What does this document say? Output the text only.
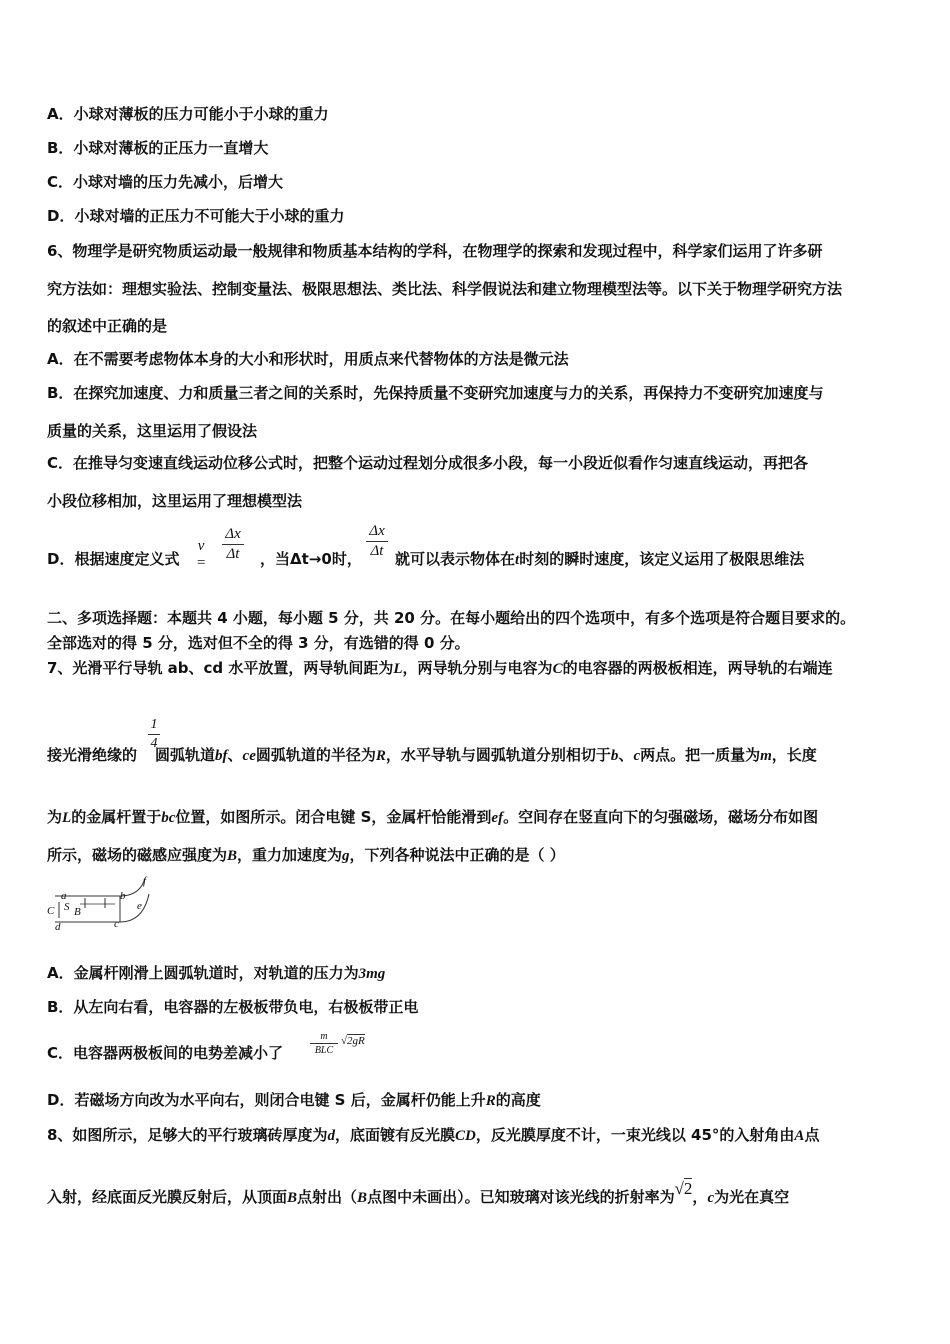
A．小球对薄板的压力可能小于小球的重力
B．小球对薄板的正压力一直增大
C．小球对墙的压力先减小，后增大
D．小球对墙的正压力不可能大于小球的重力
6、物理学是研究物质运动最一般规律和物质基本结构的学科，在物理学的探索和发现过程中，科学家们运用了许多研
究方法如：理想实验法、控制变量法、极限思想法、类比法、科学假说法和建立物理模型法等。以下关于物理学研究方法
的叙述中正确的是
A．在不需要考虑物体本身的大小和形状时，用质点来代替物体的方法是微元法
B．在探究加速度、力和质量三者之间的关系时，先保持质量不变研究加速度与力的关系，再保持力不变研究加速度与
质量的关系，这里运用了假设法
C．在推导匀变速直线运动位移公式时，把整个运动过程划分成很多小段，每一小段近似看作匀速直线运动，再把各
小段位移相加，这里运用了理想模型法
D．根据速度定义式
v =
Δx
Δt	，当Δt→0时，
Δx
Δt 就可以表示物体在t时刻的瞬时速度，该定义运用了极限思维法
二、多项选择题：本题共 4 小题，每小题 5 分，共 20 分。在每小题给出的四个选项中，有多个选项是符合题目要求的。
全部选对的得 5 分，选对但不全的得 3 分，有选错的得 0 分。
7、光滑平行导轨 ab、cd 水平放置，两导轨间距为L，两导轨分别与电容为C的电容器的两极板相连，两导轨的右端连
接光滑绝缘的 圆弧轨道bf、ce圆弧轨道的半径为R，水平导轨与圆弧轨道分别相切于b、c两点。把一质量为m，长度
1
4
为L的金属杆置于bc位置，如图所示。闭合电键 S，金属杆恰能滑到ef。空间存在竖直向下的匀强磁场，磁场分布如图
所示，磁场的磁感应强度为B，重力加速度为g，下列各种说法中正确的是（ ）
a	b
c
d
e
f
C S B
A．金属杆刚滑上圆弧轨道时，对轨道的压力为3mg
B．从左向右看，电容器的左极板带负电，右极板带正电
C．电容器两极板间的电势差减小了
m
BLC
√2gR
D．若磁场方向改为水平向右，则闭合电键 S 后，金属杆仍能上升R的高度
8、如图所示，足够大的平行玻璃砖厚度为d，底面镀有反光膜CD，反光膜厚度不计，一束光线以 45°的入射角由A点
入射，经底面反光膜反射后，从顶面B点射出（B点图中未画出）。已知玻璃对该光线的折射率为√2，c为光在真空
